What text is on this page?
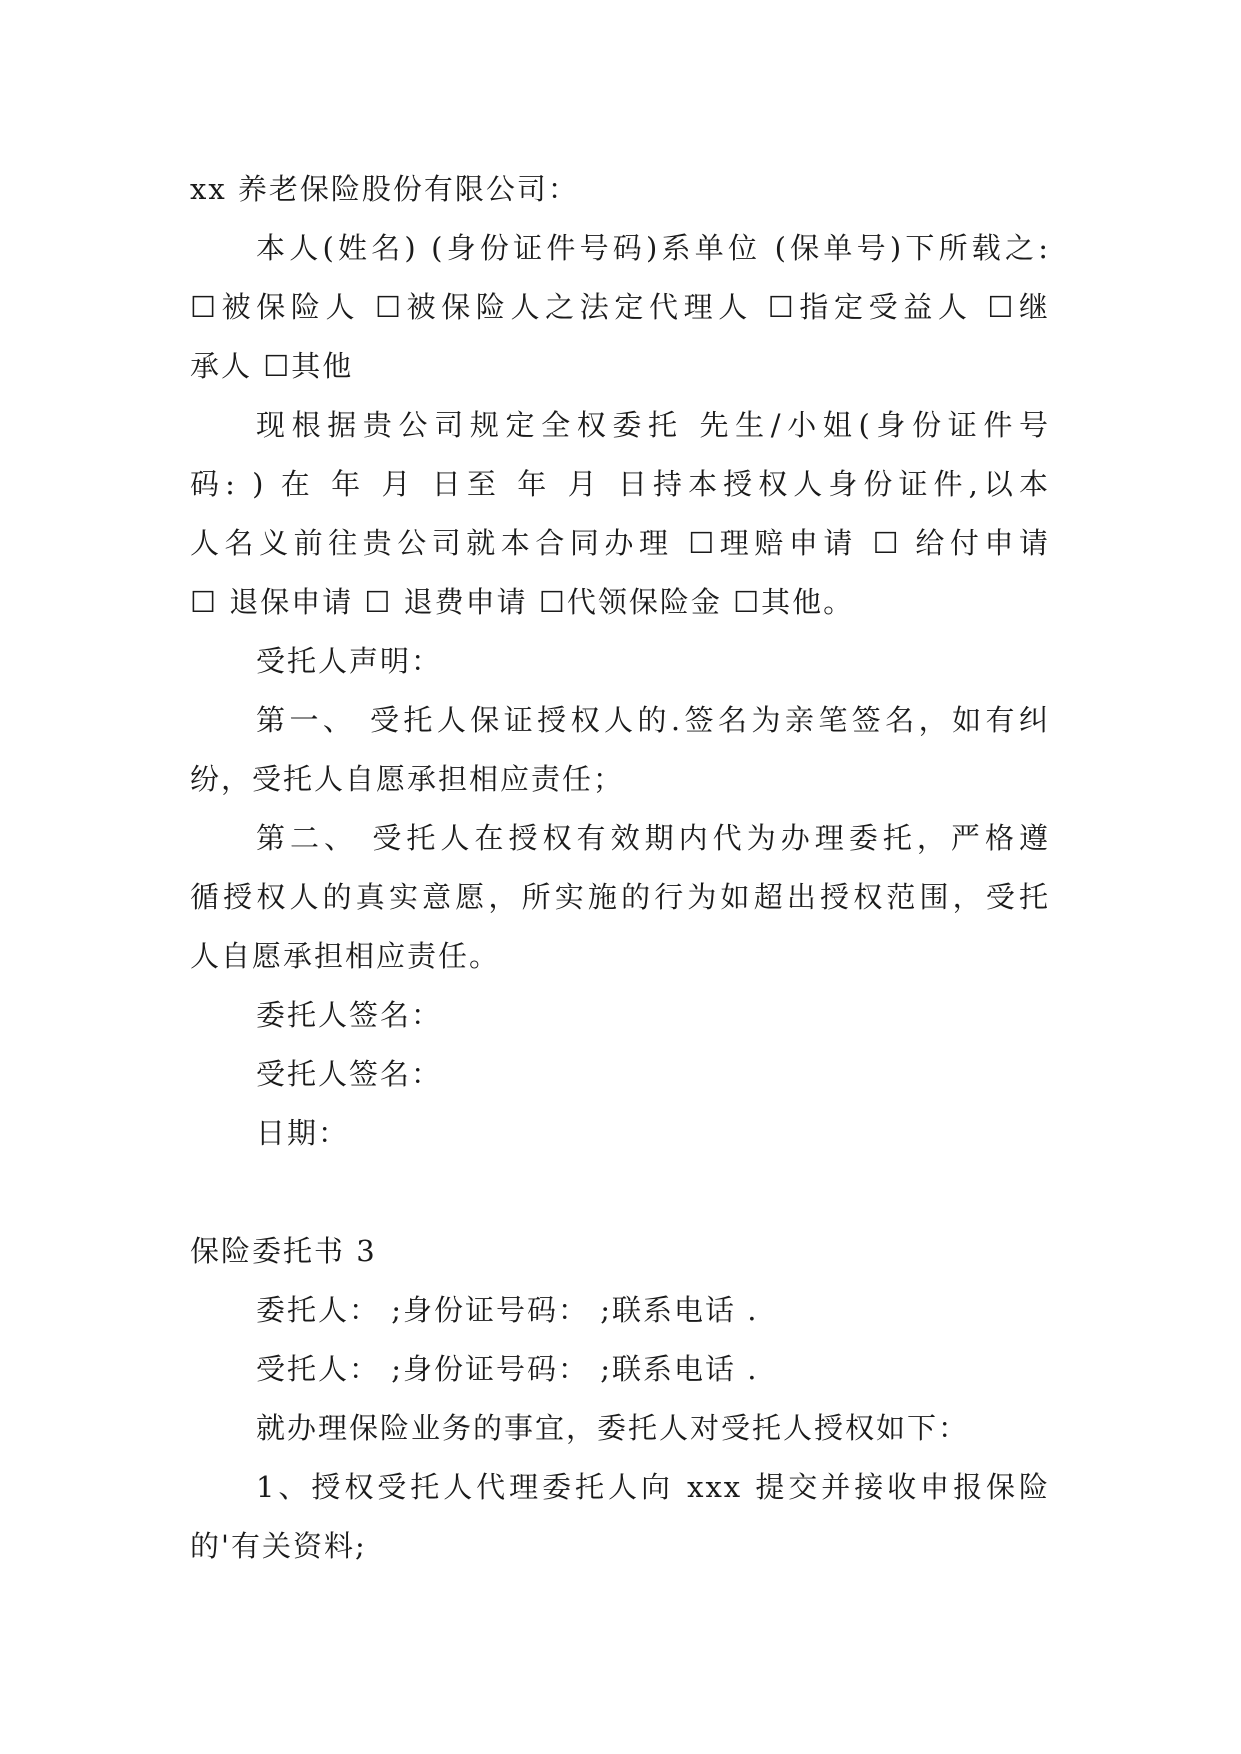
xx 养老保险股份有限公司：
本人(姓名) (身份证件号码)系单位 (保单号)下所载之:
☐被保险人 ☐被保险人之法定代理人 ☐指定受益人 ☐继
承人 ☐其他
现根据贵公司规定全权委托 先生/小姐(身份证件号
码: ) 在 年 月 日至 年 月 日持本授权人身份证件,以本
人名义前往贵公司就本合同办理 ☐理赔申请 ☐ 给付申请
☐ 退保申请 ☐ 退费申请 ☐代领保险金 ☐其他。
受托人声明：
第一、 受托人保证授权人的.签名为亲笔签名，如有纠
纷，受托人自愿承担相应责任；
第二、 受托人在授权有效期内代为办理委托，严格遵
循授权人的真实意愿，所实施的行为如超出授权范围，受托
人自愿承担相应责任。
委托人签名：
受托人签名：
日期：
保险委托书 3
委托人： ;身份证号码： ;联系电话 .
受托人： ;身份证号码： ;联系电话 .
就办理保险业务的事宜，委托人对受托人授权如下：
1、授权受托人代理委托人向 xxx 提交并接收申报保险
的'有关资料;
